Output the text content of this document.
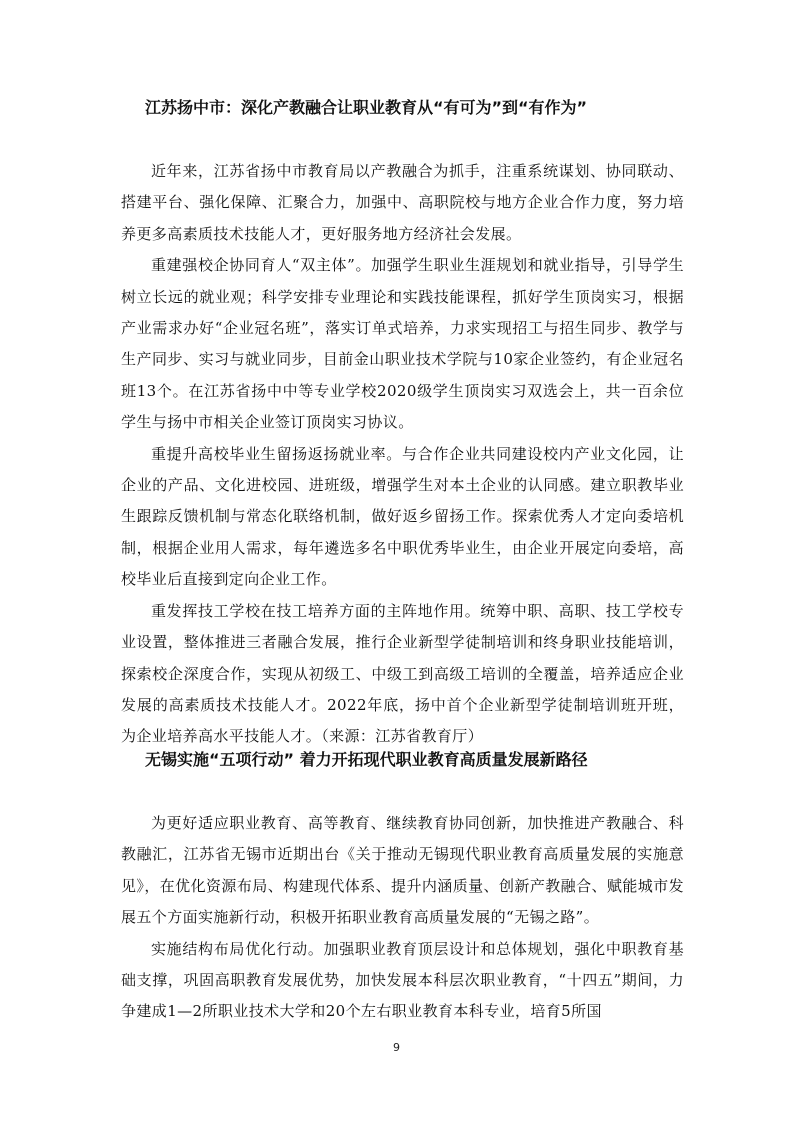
江苏扬中市：深化产教融合让职业教育从“有可为”到“有作为”

近年来，江苏省扬中市教育局以产教融合为抓手，注重系统谋划、协同联动、搭建平台、强化保障、汇聚合力，加强中、高职院校与地方企业合作力度，努力培养更多高素质技术技能人才，更好服务地方经济社会发展。

重建强校企协同育人“双主体”。加强学生职业生涯规划和就业指导，引导学生树立长远的就业观；科学安排专业理论和实践技能课程，抓好学生顶岗实习，根据产业需求办好“企业冠名班”，落实订单式培养，力求实现招工与招生同步、教学与生产同步、实习与就业同步，目前金山职业技术学院与10家企业签约，有企业冠名班13个。在江苏省扬中中等专业学校2020级学生顶岗实习双选会上，共一百余位学生与扬中市相关企业签订顶岗实习协议。

重提升高校毕业生留扬返扬就业率。与合作企业共同建设校内产业文化园，让企业的产品、文化进校园、进班级，增强学生对本土企业的认同感。建立职教毕业生跟踪反馈机制与常态化联络机制，做好返乡留扬工作。探索优秀人才定向委培机制，根据企业用人需求，每年遴选多名中职优秀毕业生，由企业开展定向委培，高校毕业后直接到定向企业工作。

重发挥技工学校在技工培养方面的主阵地作用。统筹中职、高职、技工学校专业设置，整体推进三者融合发展，推行企业新型学徒制培训和终身职业技能培训，探索校企深度合作，实现从初级工、中级工到高级工培训的全覆盖，培养适应企业发展的高素质技术技能人才。2022年底，扬中首个企业新型学徒制培训班开班，为企业培养高水平技能人才。（来源：江苏省教育厅）

无锡实施“五项行动” 着力开拓现代职业教育高质量发展新路径

为更好适应职业教育、高等教育、继续教育协同创新，加快推进产教融合、科教融汇，江苏省无锡市近期出台《关于推动无锡现代职业教育高质量发展的实施意见》，在优化资源布局、构建现代体系、提升内涵质量、创新产教融合、赋能城市发展五个方面实施新行动，积极开拓职业教育高质量发展的“无锡之路”。

实施结构布局优化行动。加强职业教育顶层设计和总体规划，强化中职教育基础支撑，巩固高职教育发展优势，加快发展本科层次职业教育，“十四五”期间，力争建成1—2所职业技术大学和20个左右职业教育本科专业，培育5所国

9
